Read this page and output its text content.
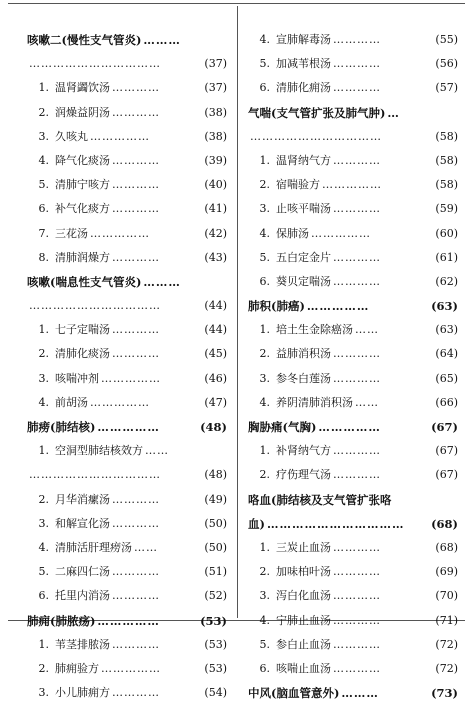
咳嗽二(慢性支气管炎) ………
……………………………	(37)
1. 温肾蠲饮汤 …………	(37)
2. 润燥益阴汤 …………	(38)
3. 久咳丸 ……………	(38)
4. 降气化痰汤 …………	(39)
5. 清肺宁咳方 …………	(40)
6. 补气化痰方 …………	(41)
7. 三花汤 ……………	(42)
8. 清肺润燥方 …………	(43)
咳嗽(喘息性支气管炎) ………
……………………………	(44)
1. 七子定喘汤 …………	(44)
2. 清肺化痰汤 …………	(45)
3. 咳喘冲剂 ……………	(46)
4. 前胡汤 ……………	(47)
肺痨(肺结核) ……………	(48)
1. 空洞型肺结核效方 ……
……………………………	(48)
2. 月华消瘰汤 …………	(49)
3. 和解宣化汤 …………	(50)
4. 清肺活肝理痨汤 ……	(50)
5. 二麻四仁汤 …………	(51)
6. 托里内消汤 …………	(52)
肺痈(肺脓疡) ……………	(53)
1. 苇茎排脓汤 …………	(53)
2. 肺痈验方 ……………	(53)
3. 小儿肺痈方 …………	(54)
4. 宣肺解毒汤 …………	(55)
5. 加减苇根汤 …………	(56)
6. 清肺化痈汤 …………	(57)
气喘(支气管扩张及肺气肿) …
……………………………	(58)
1. 温肾纳气方 …………	(58)
2. 宿喘验方 ……………	(58)
3. 止咳平喘汤 …………	(59)
4. 保肺汤 ……………	(60)
5. 五白定金片 …………	(61)
6. 葵贝定喘汤 …………	(62)
肺积(肺癌) ……………	(63)
1. 培土生金除癌汤 ……	(63)
2. 益肺消积汤 …………	(64)
3. 参冬白莲汤 …………	(65)
4. 养阴清肺消积汤 ……	(66)
胸胁痛(气胸) ……………	(67)
1. 补肾纳气方 …………	(67)
2. 疗伤理气汤 …………	(67)
咯血(肺结核及支气管扩张咯
血) …………………………… (68)
1. 三炭止血汤 …………	(68)
2. 加味柏叶汤 …………	(69)
3. 泻白化血汤 …………	(70)
4. 宁肺止血汤 …………	(71)
5. 参白止血汤 …………	(72)
6. 咳喘止血汤 …………	(72)
中风(脑血管意外) ………	(73)
